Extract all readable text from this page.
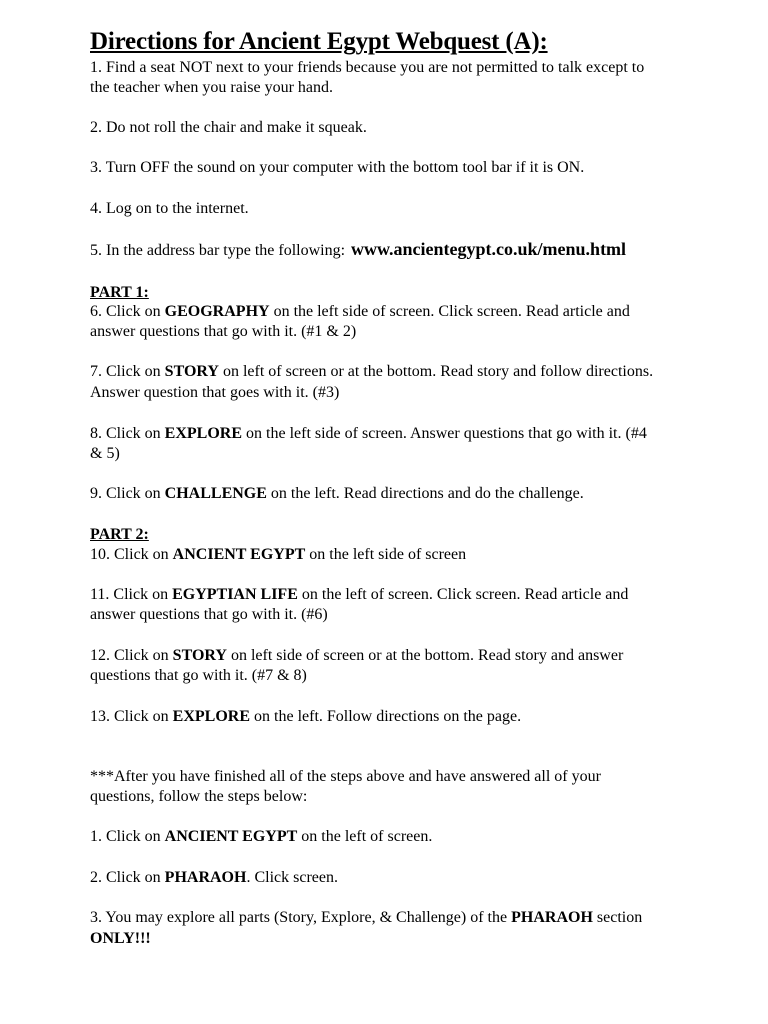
Directions for Ancient Egypt Webquest (A):
1. Find a seat NOT next to your friends because you are not permitted to talk except to
the teacher when you raise your hand.
2. Do not roll the chair and make it squeak.
3. Turn OFF the sound on your computer with the bottom tool bar if it is ON.
4. Log on to the internet.
5. In the address bar type the following: www.ancientegypt.co.uk/menu.html
PART 1:
6. Click on GEOGRAPHY on the left side of screen. Click screen. Read article and
answer questions that go with it. (#1 & 2)
7. Click on STORY on left of screen or at the bottom. Read story and follow directions.
Answer question that goes with it. (#3)
8. Click on EXPLORE on the left side of screen. Answer questions that go with it. (#4
& 5)
9. Click on CHALLENGE on the left. Read directions and do the challenge.
PART 2:
10. Click on ANCIENT EGYPT on the left side of screen
11. Click on EGYPTIAN LIFE on the left of screen. Click screen. Read article and
answer questions that go with it. (#6)
12. Click on STORY on left side of screen or at the bottom. Read story and answer
questions that go with it. (#7 & 8)
13. Click on EXPLORE on the left. Follow directions on the page.
***After you have finished all of the steps above and have answered all of your
questions, follow the steps below:
1. Click on ANCIENT EGYPT on the left of screen.
2. Click on PHARAOH. Click screen.
3. You may explore all parts (Story, Explore, & Challenge) of the PHARAOH section
ONLY!!!
